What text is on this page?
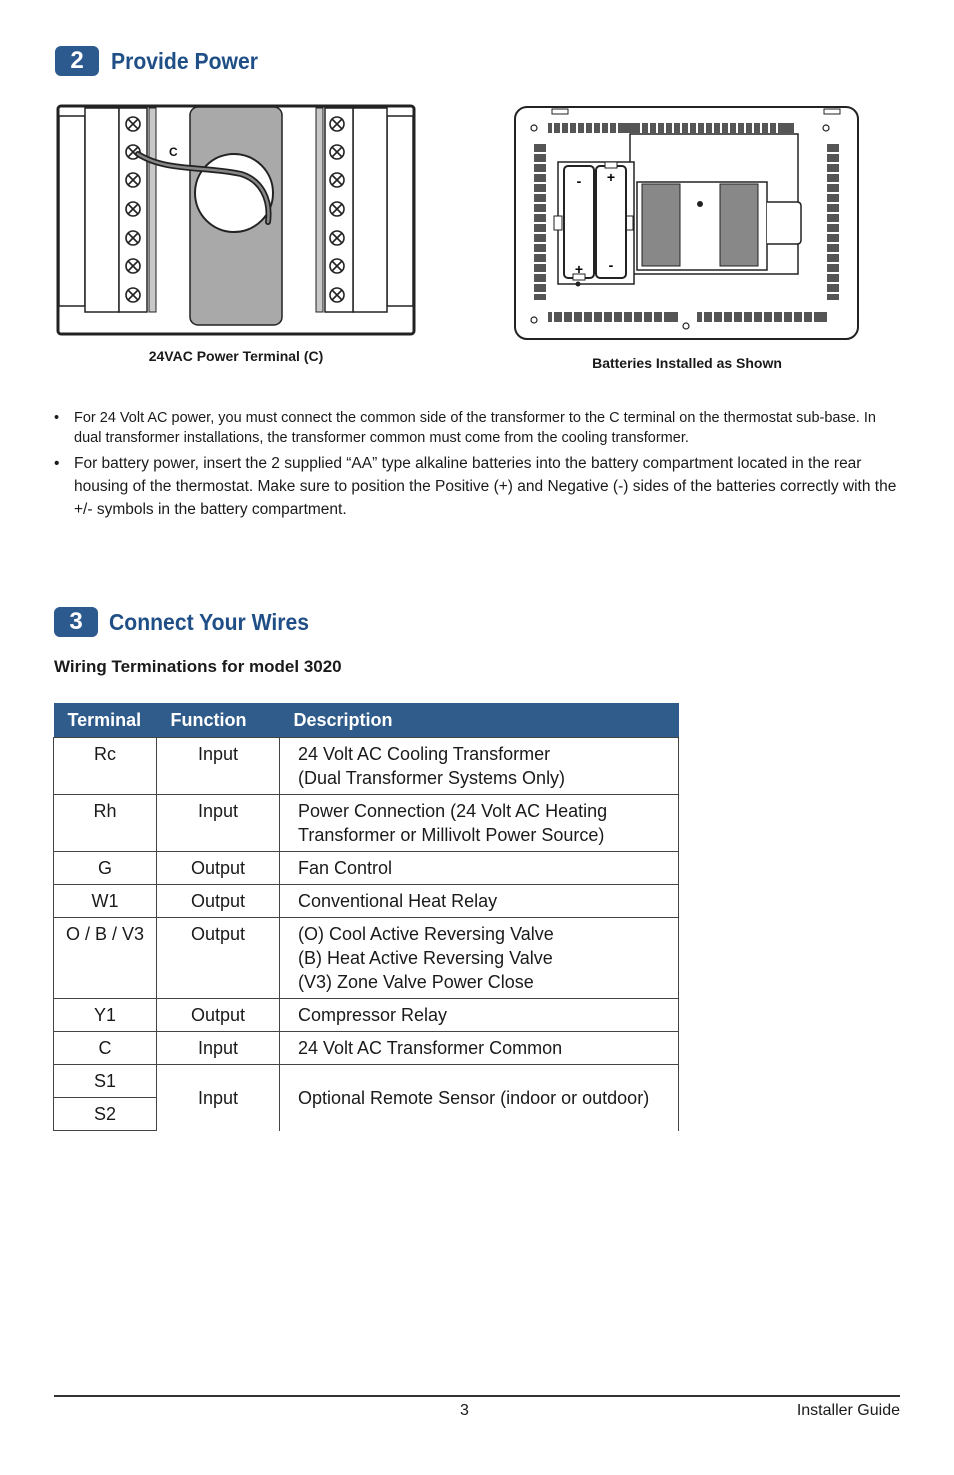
2	Provide Power
C
24VAC Power Terminal (C)
-
+
+
-
Batteries Installed as Shown
•	For 24 Volt AC power, you must connect the common side of the transformer to the C terminal on the thermostat sub-base. In dual transformer installations, the transformer common must come from the cooling transformer.
• For battery power, insert the 2 supplied “AA” type alkaline batteries into the battery compartment located in the rear housing of the thermostat. Make sure to position the Positive (+) and Negative (-) sides of the batteries correctly with the +/- symbols in the battery compartment.
3	Connect Your Wires
Wiring Terminations for model 3020
Terminal	Function	Description
Rc	Input	24 Volt AC Cooling Transformer
(Dual Transformer Systems Only)

Rh	Input	Power Connection (24 Volt AC Heating
Transformer or Millivolt Power Source)

G	Output	Fan Control

W1	Output	Conventional Heat Relay

O / B / V3	Output	(O) Cool Active Reversing Valve
(B) Heat Active Reversing Valve
(V3) Zone Valve Power Close

Y1	Output	Compressor Relay

C	Input	24 Volt AC Transformer Common

S1	Input	Optional Remote Sensor (indoor or outdoor)
S2		
3	Installer Guide
